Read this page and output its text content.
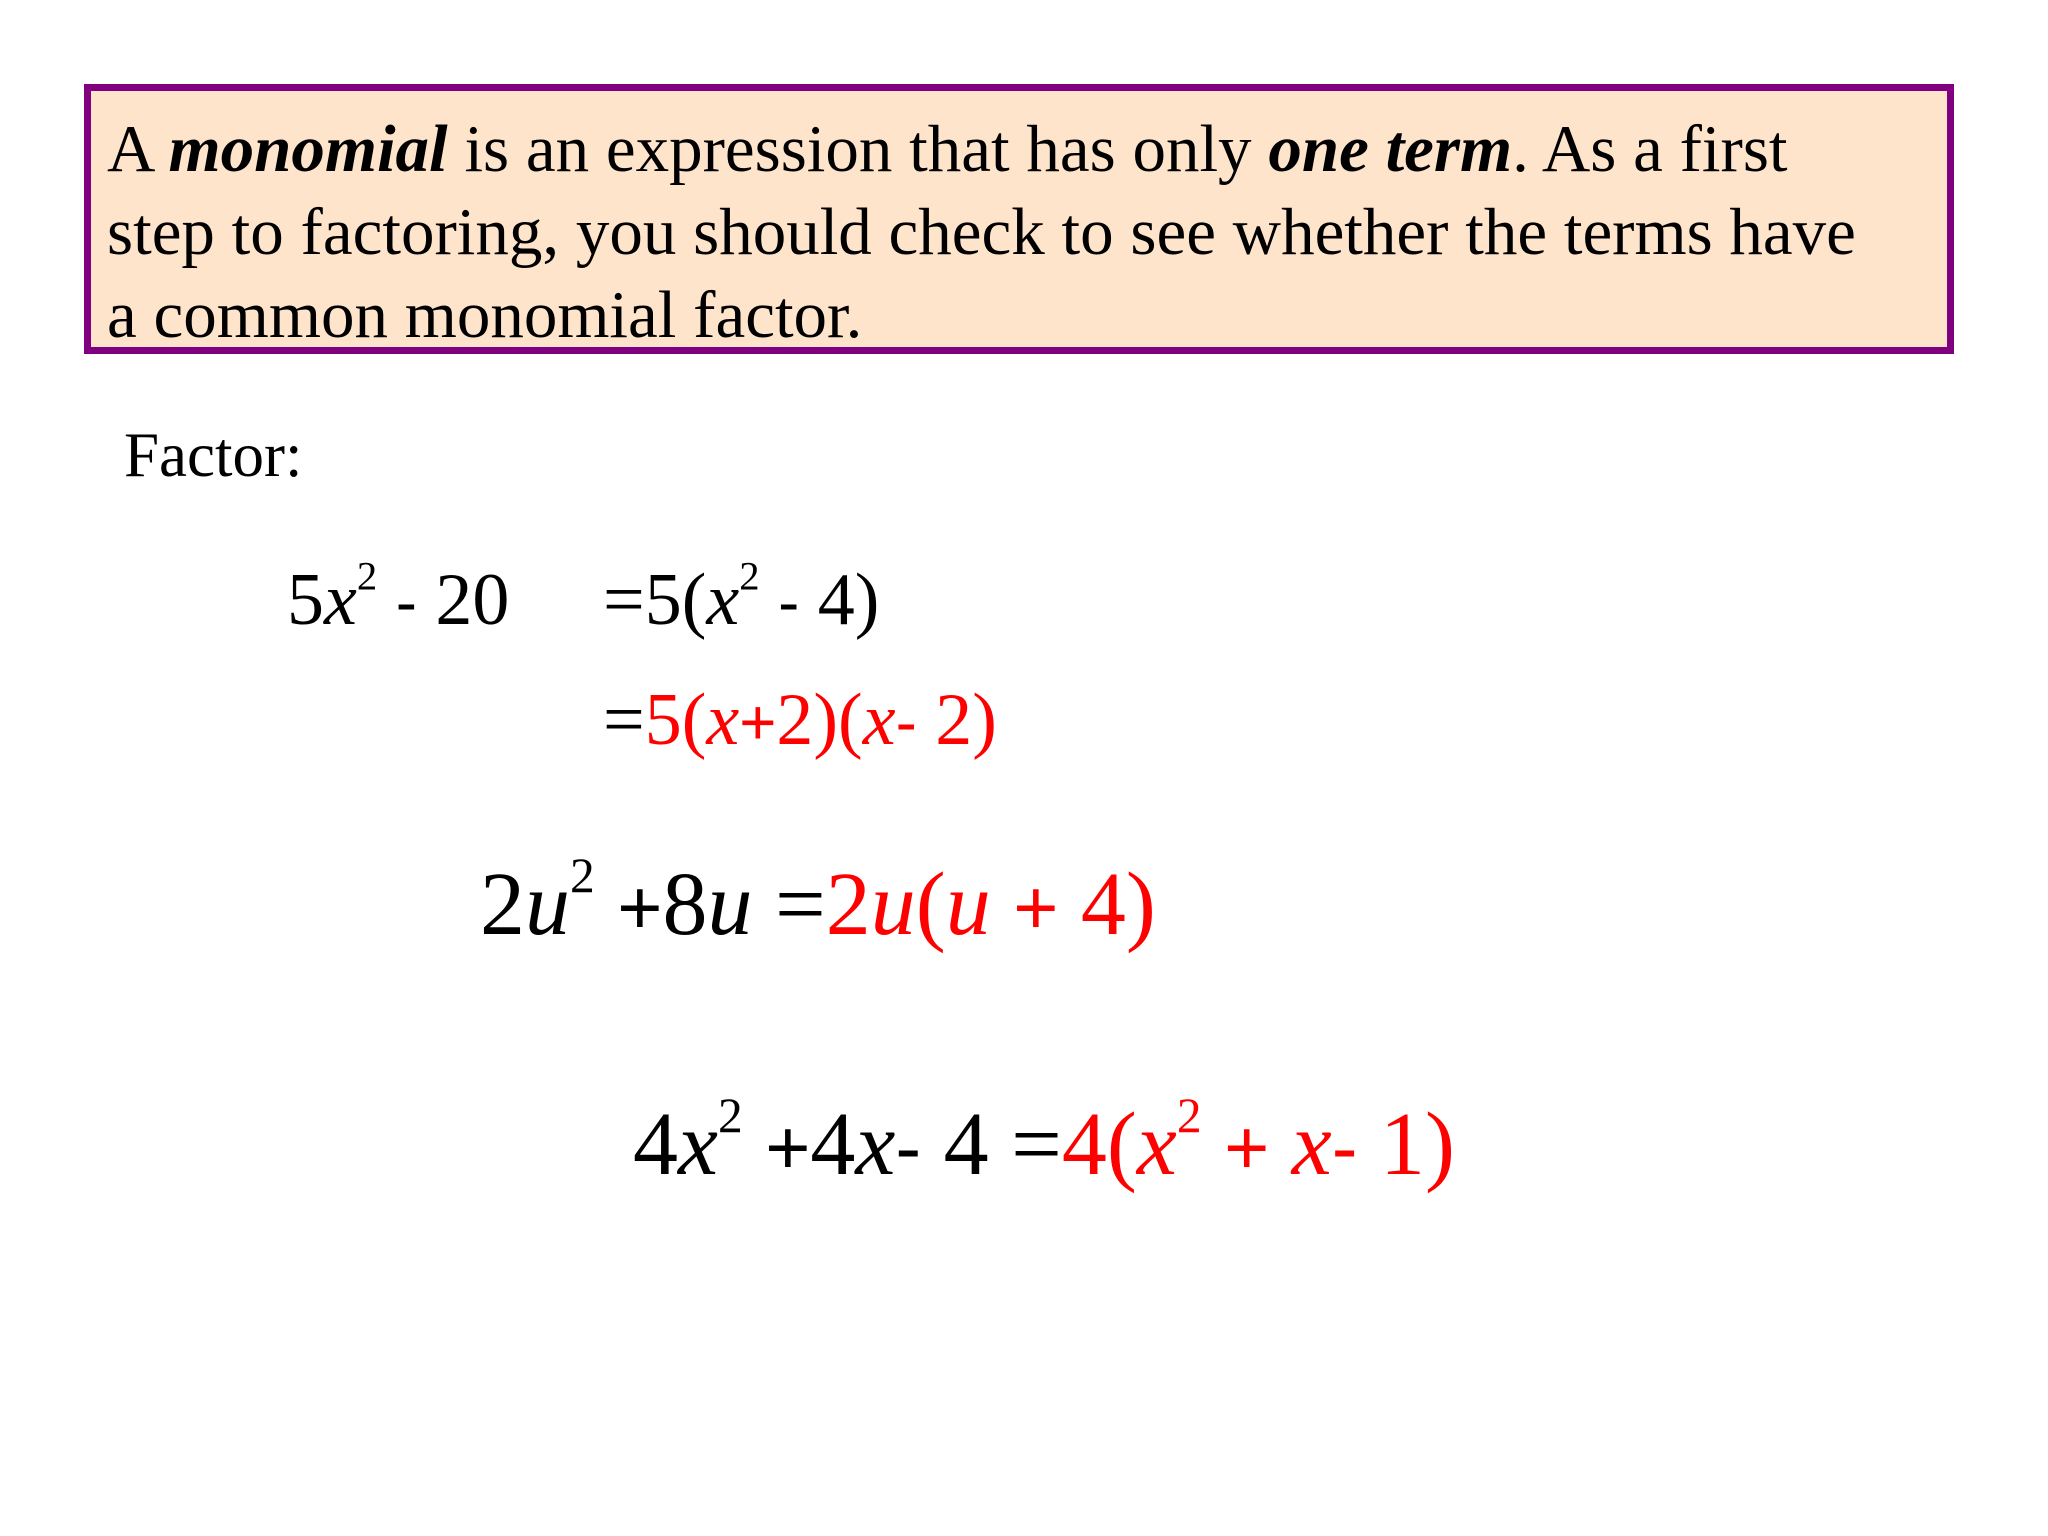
A monomial is an expression that has only one term. As a first
step to factoring, you should check to see whether the terms have
a common monomial factor.
Factor:
$5x^2 - 20 =5(x^2 - 4)$
=5(x+2)(x- 2)
$2u^2 +8u =2u(u + 4)$
$4x^2 +4x-$ $4 =4(x^2 + x-$ 1)
